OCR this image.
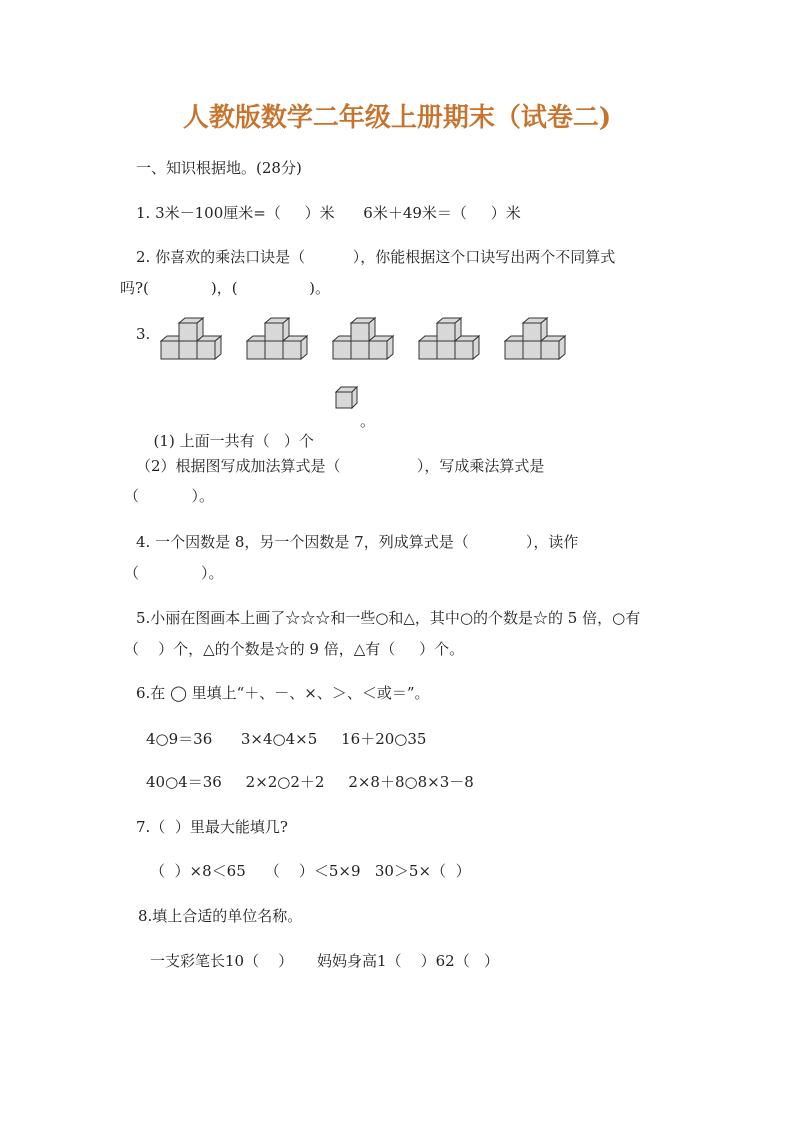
人教版数学二年级上册期末（试卷二)
一、知识根据地。(28分)
1. 3米－100厘米=（     ）米      6米＋49米＝（     ）米
2. 你喜欢的乘法口诀是（          ），你能根据这个口诀写出两个不同算式
吗?(             )，(               )。
3.

(1) 上面一共有（   ）个

。
（2）根据图写成加法算式是（                ），写成乘法算式是
（           ）。
4. 一个因数是 8，另一个因数是 7，列成算式是（            ），读作
（             ）。
5.小丽在图画本上画了☆☆☆和一些○和△，其中○的个数是☆的 5 倍，○有
（    ）个，△的个数是☆的 9 倍，△有（     ）个。
6.在 ◯ 里填上“＋、－、×、＞、＜或＝”。
4○9＝36      3×4○4×5     16＋20○35
40○4＝36     2×2○2＋2     2×8＋8○8×3－8
7.（  ）里最大能填几?
（  ）×8＜65    （    ）＜5×9   30＞5×（  ）
8.填上合适的单位名称。
一支彩笔长10（    ）     妈妈身高1（    ）62（   ）
